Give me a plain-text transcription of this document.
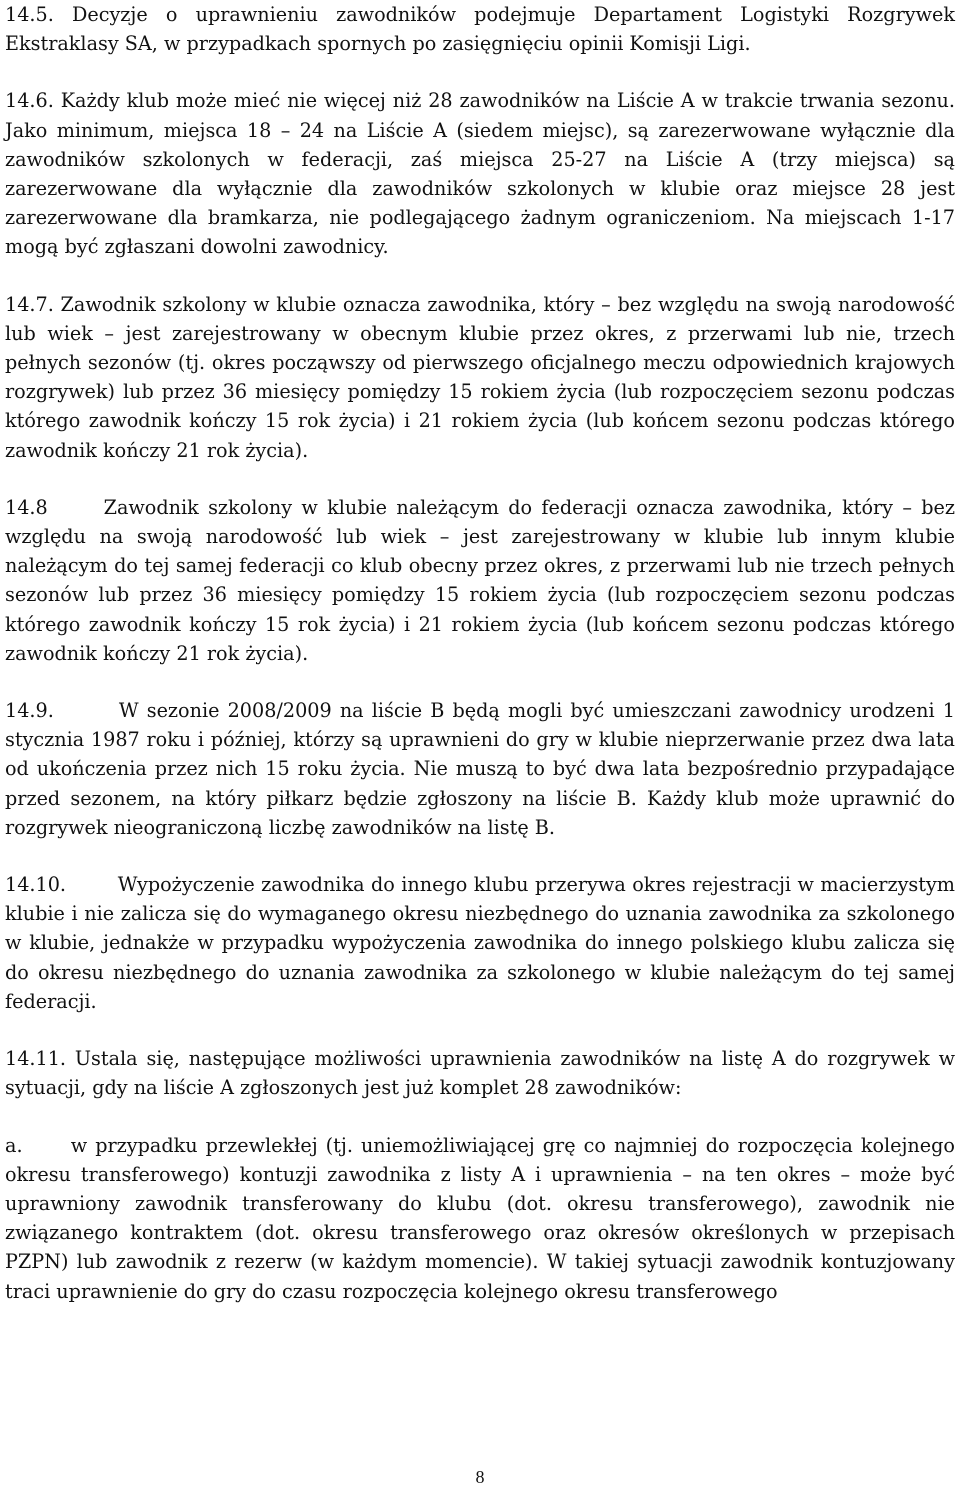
14.5. Decyzje o uprawnieniu zawodników podejmuje Departament Logistyki Rozgrywek Ekstraklasy SA, w przypadkach spornych po zasięgnięciu opinii Komisji Ligi.

14.6. Każdy klub może mieć nie więcej niż 28 zawodników na Liście A w trakcie trwania sezonu. Jako minimum, miejsca 18 – 24 na Liście A (siedem miejsc), są zarezerwowane wyłącznie dla zawodników szkolonych w federacji, zaś miejsca 25-27 na Liście A (trzy miejsca) są zarezerwowane dla wyłącznie dla zawodników szkolonych w klubie oraz miejsce 28 jest zarezerwowane dla bramkarza, nie podlegającego żadnym ograniczeniom. Na miejscach 1-17 mogą być zgłaszani dowolni zawodnicy.

14.7. Zawodnik szkolony w klubie oznacza zawodnika, który – bez względu na swoją narodowość lub wiek – jest zarejestrowany w obecnym klubie przez okres, z przerwami lub nie, trzech pełnych sezonów (tj. okres począwszy od pierwszego oficjalnego meczu odpowiednich krajowych rozgrywek) lub przez 36 miesięcy pomiędzy 15 rokiem życia (lub rozpoczęciem sezonu podczas którego zawodnik kończy 15 rok życia) i 21 rokiem życia (lub końcem sezonu podczas którego zawodnik kończy 21 rok życia).

14.8	Zawodnik szkolony w klubie należącym do federacji oznacza zawodnika, który – bez względu na swoją narodowość lub wiek – jest zarejestrowany w klubie lub innym klubie należącym do tej samej federacji co klub obecny przez okres, z przerwami lub nie trzech pełnych sezonów lub przez 36 miesięcy pomiędzy 15 rokiem życia (lub rozpoczęciem sezonu podczas którego zawodnik kończy 15 rok życia) i 21 rokiem życia (lub końcem sezonu podczas którego zawodnik kończy 21 rok życia).

14.9.	W sezonie 2008/2009 na liście B będą mogli być umieszczani zawodnicy urodzeni 1 stycznia 1987 roku i później, którzy są uprawnieni do gry w klubie nieprzerwanie przez dwa lata od ukończenia przez nich 15 roku życia. Nie muszą to być dwa lata bezpośrednio przypadające przed sezonem, na który piłkarz będzie zgłoszony na liście B. Każdy klub może uprawnić do rozgrywek nieograniczoną liczbę zawodników na listę B.

14.10.	Wypożyczenie zawodnika do innego klubu przerywa okres rejestracji w macierzystym klubie i nie zalicza się do wymaganego okresu niezbędnego do uznania zawodnika za szkolonego w klubie, jednakże w przypadku wypożyczenia zawodnika do innego polskiego klubu zalicza się do okresu niezbędnego do uznania zawodnika za szkolonego w klubie należącym do tej samej federacji.

14.11. Ustala się, następujące możliwości uprawnienia zawodników na listę A do rozgrywek w sytuacji, gdy na liście A zgłoszonych jest już komplet 28 zawodników:

a.	w przypadku przewlekłej (tj. uniemożliwiającej grę co najmniej do rozpoczęcia kolejnego okresu transferowego) kontuzji zawodnika z listy A i uprawnienia – na ten okres – może być uprawniony zawodnik transferowany do klubu (dot. okresu transferowego), zawodnik nie związanego kontraktem (dot. okresu transferowego oraz okresów określonych w przepisach PZPN) lub zawodnik z rezerw (w każdym momencie). W takiej sytuacji zawodnik kontuzjowany traci uprawnienie do gry do czasu rozpoczęcia kolejnego okresu transferowego

8
